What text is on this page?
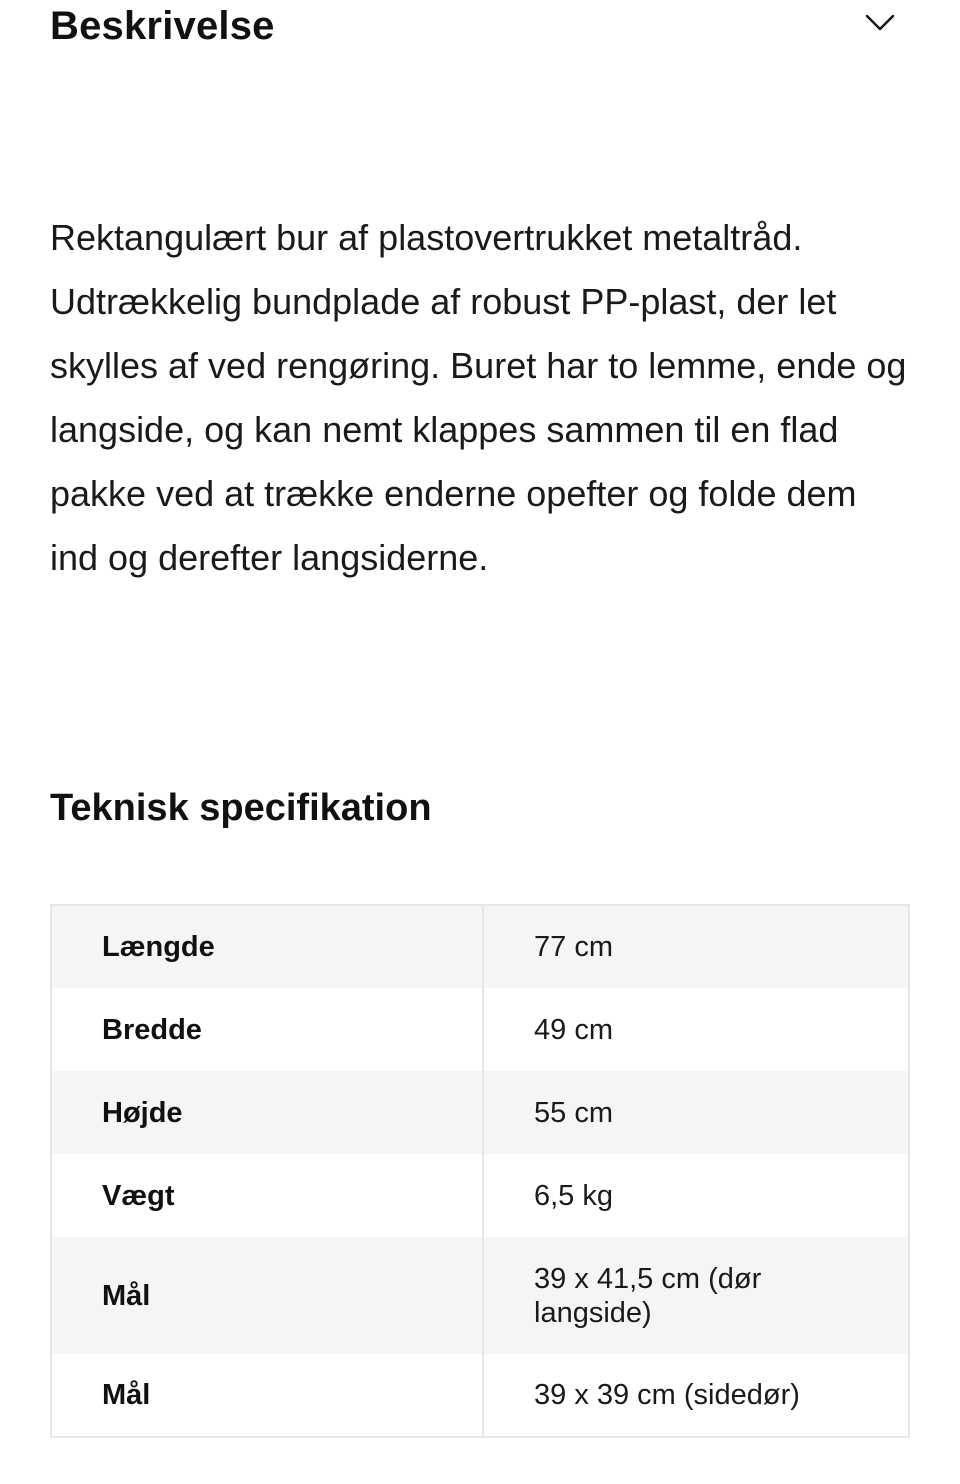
Beskrivelse

Rektangulært bur af plastovertrukket metaltråd. Udtrækkelig bundplade af robust PP-plast, der let skylles af ved rengøring. Buret har to lemme, ende og langside, og kan nemt klappes sammen til en flad pakke ved at trække enderne opefter og folde dem ind og derefter langsiderne.

Teknisk specifikation
Længde	77 cm
Bredde	49 cm
Højde	55 cm
Vægt	6,5 kg
Mål	39 x 41,5 cm (dør langside)
Mål	39 x 39 cm (sidedør)
